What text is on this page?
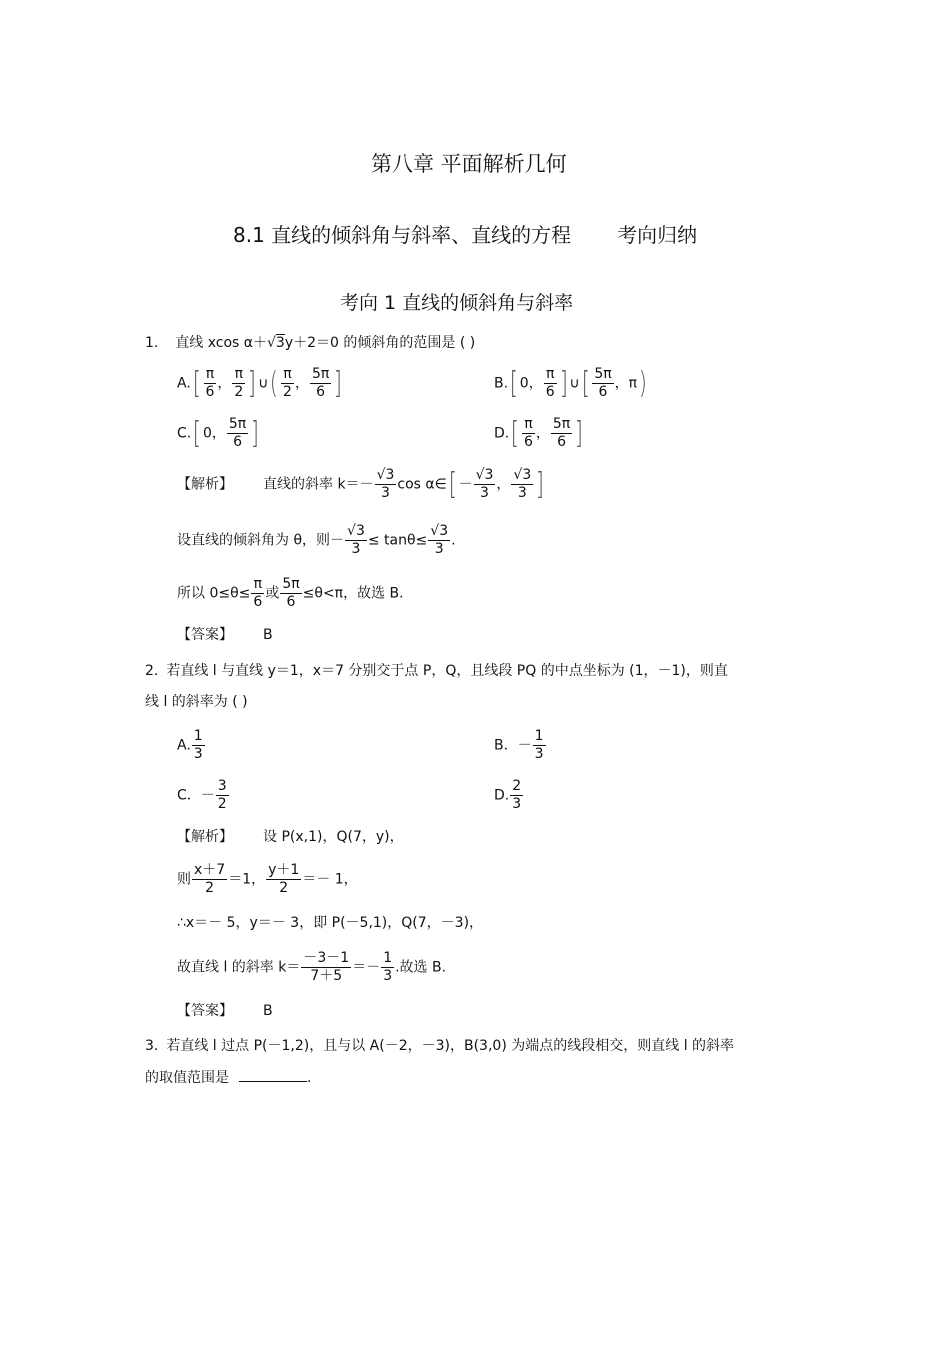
第八章 平面解析几何
8.1 直线的倾斜角与斜率、直线的方程 考向归纳
考向 1 直线的倾斜角与斜率
1. 直线 xcos α＋√3y＋2＝0 的倾斜角的范围是 ( )
$A.[ \frac{\pi}{6}$ ， $\frac{\pi}{2}$ ] ∪( $\frac{\pi}{2}$ ， $\frac{5\pi}{6}$ ]	B.[ 0， $\frac{\pi}{6}$ ] ∪[ $\frac{5\pi}{6}$ ，π)
C.[ 0， $\frac{5\pi}{6}$ ]	$D.[ \frac{\pi}{6}$ ， $\frac{5\pi}{6}$ ]
【解析】 直线的斜率 $k=- \frac{√3}{3}$ cos α∈[ － $\frac{√3}{3}$ ， $\frac{√3}{3}$ ]
设直线的倾斜角为 θ，则－ $\frac{√3}{3} \le \tan\theta\le \frac{√3}{3}$ .
所以 $0\le\theta\le \frac{\pi}{6}$ 或 $\frac{5\pi}{6} \le\theta<\pi$，故选 B.
【答案】 B
2. 若直线 l 与直线 y＝1，x＝7 分别交于点 P，Q，且线段 PQ 的中点坐标为 (1，－1)，则直
线 l 的斜率为 ( )
A. $\frac{1}{3}$	B．－ $\frac{1}{3}$
C．－ $\frac{3}{2}$	D. $\frac{2}{3}$
【解析】 设 P(x,1)，Q(7，y)，
则 $\frac{x+7}{2} =1$， $\frac{y+1}{2} =- 1$，
∴x＝－ 5，y＝－ 3，即 P(－5,1)，Q(7，－3)，
故直线 l 的斜率 $k= \frac{-3-1}{7+5} =- \frac{1}{3}$ .故选 B.
【答案】 B
3. 若直线 l 过点 P(－1,2)，且与以 A(－2，－3)，B(3,0) 为端点的线段相交，则直线 l 的斜率
的取值范围是	.
